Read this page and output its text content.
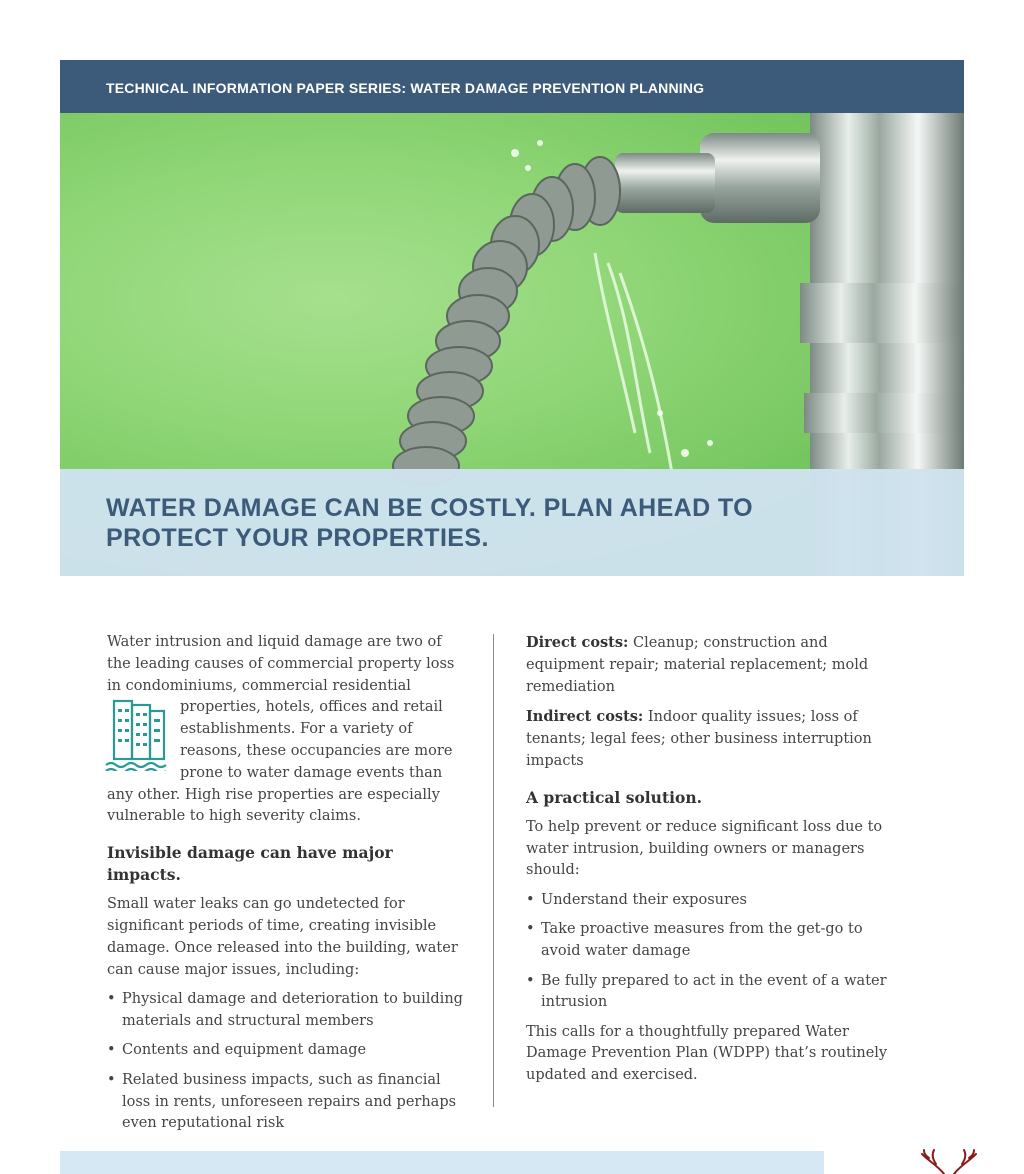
TECHNICAL INFORMATION PAPER SERIES: WATER DAMAGE PREVENTION PLANNING
WATER DAMAGE CAN BE COSTLY. PLAN AHEAD TO PROTECT YOUR PROPERTIES.

Water intrusion and liquid damage are two of the leading causes of commercial property loss in condominiums, commercial residential properties, hotels, offices and retail establishments. For a variety of reasons, these occupancies are more prone to water damage events than any other. High rise properties are especially vulnerable to high severity claims.

Invisible damage can have major impacts.

Small water leaks can go undetected for significant periods of time, creating invisible damage. Once released into the building, water can cause major issues, including:

• Physical damage and deterioration to building materials and structural members
• Contents and equipment damage
• Related business impacts, such as financial loss in rents, unforeseen repairs and perhaps even reputational risk

Direct costs: Cleanup; construction and equipment repair; material replacement; mold remediation

Indirect costs: Indoor quality issues; loss of tenants; legal fees; other business interruption impacts

A practical solution.

To help prevent or reduce significant loss due to water intrusion, building owners or managers should:

• Understand their exposures
• Take proactive measures from the get-go to avoid water damage
• Be fully prepared to act in the event of a water intrusion

This calls for a thoughtfully prepared Water Damage Prevention Plan (WDPP) that’s routinely updated and exercised.
